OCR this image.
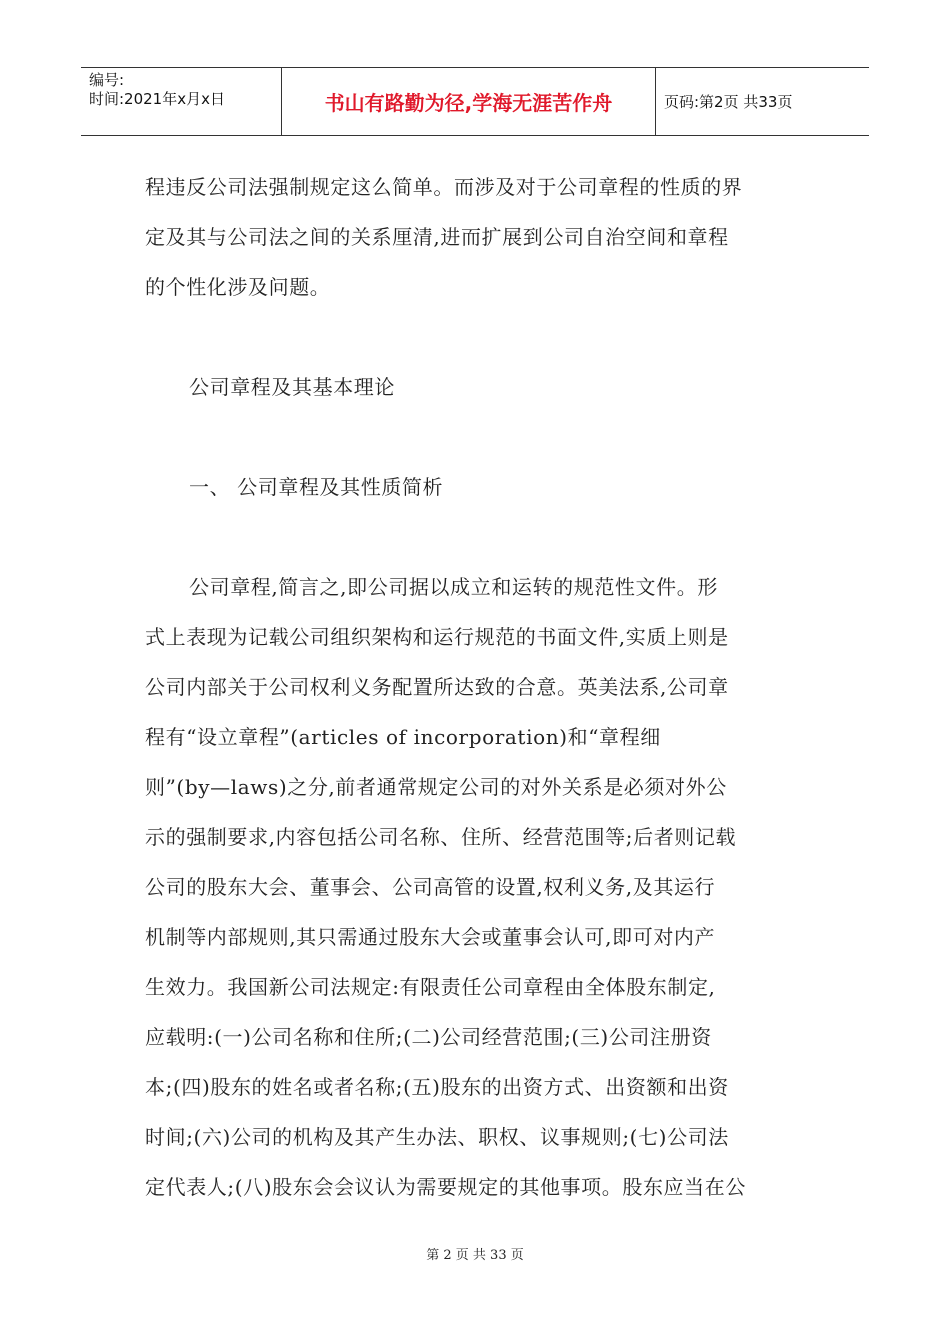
编号:
时间:2021年x月x日	书山有路勤为径,学海无涯苦作舟	页码:第2页 共33页

程违反公司法强制规定这么简单。而涉及对于公司章程的性质的界

定及其与公司法之间的关系厘清,进而扩展到公司自治空间和章程

的个性化涉及问题。

公司章程及其基本理论

一、 公司章程及其性质简析

公司章程,简言之,即公司据以成立和运转的规范性文件。形

式上表现为记载公司组织架构和运行规范的书面文件,实质上则是

公司内部关于公司权利义务配置所达致的合意。英美法系,公司章

程有“设立章程”(articles of incorporation)和“章程细

则”(by—laws)之分,前者通常规定公司的对外关系是必须对外公

示的强制要求,内容包括公司名称、住所、经营范围等;后者则记载

公司的股东大会、董事会、公司高管的设置,权利义务,及其运行

机制等内部规则,其只需通过股东大会或董事会认可,即可对内产

生效力。我国新公司法规定:有限责任公司章程由全体股东制定,

应载明:(一)公司名称和住所;(二)公司经营范围;(三)公司注册资

本;(四)股东的姓名或者名称;(五)股东的出资方式、出资额和出资

时间;(六)公司的机构及其产生办法、职权、议事规则;(七)公司法

定代表人;(八)股东会会议认为需要规定的其他事项。股东应当在公

第 2 页 共 33 页
